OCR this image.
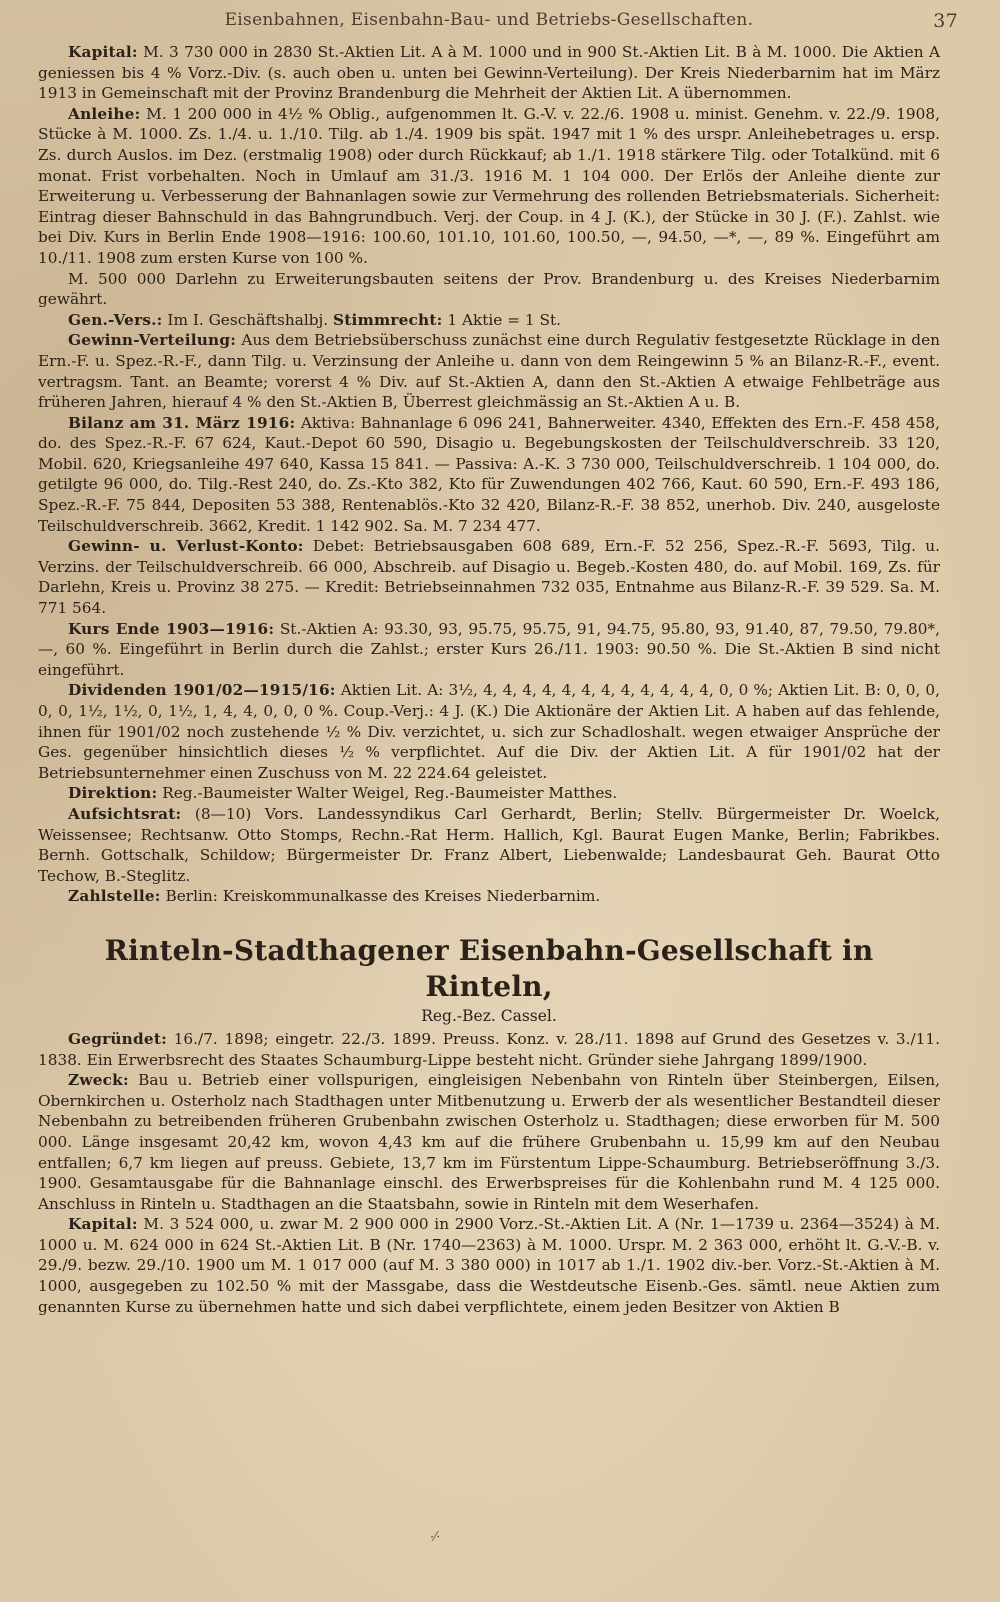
Eisenbahnen, Eisenbahn-Bau- und Betriebs-Gesellschaften.	37

Kapital: M. 3 730 000 in 2830 St.-Aktien Lit. A à M. 1000 und in 900 St.-Aktien Lit. B à M. 1000. Die Aktien A geniessen bis 4 % Vorz.-Div. (s. auch oben u. unten bei Gewinn-Verteilung). Der Kreis Niederbarnim hat im März 1913 in Gemeinschaft mit der Provinz Brandenburg die Mehrheit der Aktien Lit. A übernommen.

Anleihe: M. 1 200 000 in 4½ % Oblig., aufgenommen lt. G.-V. v. 22./6. 1908 u. minist. Genehm. v. 22./9. 1908, Stücke à M. 1000. Zs. 1./4. u. 1./10. Tilg. ab 1./4. 1909 bis spät. 1947 mit 1 % des urspr. Anleihebetrages u. ersp. Zs. durch Auslos. im Dez. (erstmalig 1908) oder durch Rückkauf; ab 1./1. 1918 stärkere Tilg. oder Totalkünd. mit 6 monat. Frist vorbehalten. Noch in Umlauf am 31./3. 1916 M. 1 104 000. Der Erlös der Anleihe diente zur Erweiterung u. Verbesserung der Bahnanlagen sowie zur Vermehrung des rollenden Betriebsmaterials. Sicherheit: Eintrag dieser Bahnschuld in das Bahngrundbuch. Verj. der Coup. in 4 J. (K.), der Stücke in 30 J. (F.). Zahlst. wie bei Div. Kurs in Berlin Ende 1908—1916: 100.60, 101.10, 101.60, 100.50, —, 94.50, —*, —, 89 %. Eingeführt am 10./11. 1908 zum ersten Kurse von 100 %.

M. 500 000 Darlehn zu Erweiterungsbauten seitens der Prov. Brandenburg u. des Kreises Niederbarnim gewährt.

Gen.-Vers.: Im I. Geschäftshalbj. Stimmrecht: 1 Aktie = 1 St.

Gewinn-Verteilung: Aus dem Betriebsüberschuss zunächst eine durch Regulativ festgesetzte Rücklage in den Ern.-F. u. Spez.-R.-F., dann Tilg. u. Verzinsung der Anleihe u. dann von dem Reingewinn 5 % an Bilanz-R.-F., event. vertragsm. Tant. an Beamte; vorerst 4 % Div. auf St.-Aktien A, dann den St.-Aktien A etwaige Fehlbeträge aus früheren Jahren, hierauf 4 % den St.-Aktien B, Überrest gleichmässig an St.-Aktien A u. B.

Bilanz am 31. März 1916: Aktiva: Bahnanlage 6 096 241, Bahnerweiter. 4340, Effekten des Ern.-F. 458 458, do. des Spez.-R.-F. 67 624, Kaut.-Depot 60 590, Disagio u. Begebungskosten der Teilschuldverschreib. 33 120, Mobil. 620, Kriegsanleihe 497 640, Kassa 15 841. — Passiva: A.-K. 3 730 000, Teilschuldverschreib. 1 104 000, do. getilgte 96 000, do. Tilg.-Rest 240, do. Zs.-Kto 382, Kto für Zuwendungen 402 766, Kaut. 60 590, Ern.-F. 493 186, Spez.-R.-F. 75 844, Depositen 53 388, Rentenablös.-Kto 32 420, Bilanz-R.-F. 38 852, unerhob. Div. 240, ausgeloste Teilschuldverschreib. 3662, Kredit. 1 142 902. Sa. M. 7 234 477.

Gewinn- u. Verlust-Konto: Debet: Betriebsausgaben 608 689, Ern.-F. 52 256, Spez.-R.-F. 5693, Tilg. u. Verzins. der Teilschuldverschreib. 66 000, Abschreib. auf Disagio u. Begeb.-Kosten 480, do. auf Mobil. 169, Zs. für Darlehn, Kreis u. Provinz 38 275. — Kredit: Betriebseinnahmen 732 035, Entnahme aus Bilanz-R.-F. 39 529. Sa. M. 771 564.

Kurs Ende 1903—1916: St.-Aktien A: 93.30, 93, 95.75, 95.75, 91, 94.75, 95.80, 93, 91.40, 87, 79.50, 79.80*, —, 60 %. Eingeführt in Berlin durch die Zahlst.; erster Kurs 26./11. 1903: 90.50 %. Die St.-Aktien B sind nicht eingeführt.

Dividenden 1901/02—1915/16: Aktien Lit. A: 3½, 4, 4, 4, 4, 4, 4, 4, 4, 4, 4, 4, 4, 0, 0 %; Aktien Lit. B: 0, 0, 0, 0, 0, 1½, 1½, 0, 1½, 1, 4, 4, 0, 0, 0 %. Coup.-Verj.: 4 J. (K.) Die Aktionäre der Aktien Lit. A haben auf das fehlende, ihnen für 1901/02 noch zustehende ½ % Div. verzichtet, u. sich zur Schadloshalt. wegen etwaiger Ansprüche der Ges. gegenüber hinsichtlich dieses ½ % verpflichtet. Auf die Div. der Aktien Lit. A für 1901/02 hat der Betriebsunternehmer einen Zuschuss von M. 22 224.64 geleistet.

Direktion: Reg.-Baumeister Walter Weigel, Reg.-Baumeister Matthes.

Aufsichtsrat: (8—10) Vors. Landessyndikus Carl Gerhardt, Berlin; Stellv. Bürgermeister Dr. Woelck, Weissensee; Rechtsanw. Otto Stomps, Rechn.-Rat Herm. Hallich, Kgl. Baurat Eugen Manke, Berlin; Fabrikbes. Bernh. Gottschalk, Schildow; Bürgermeister Dr. Franz Albert, Liebenwalde; Landesbaurat Geh. Baurat Otto Techow, B.-Steglitz.

Zahlstelle: Berlin: Kreiskommunalkasse des Kreises Niederbarnim.

Rinteln-Stadthagener Eisenbahn-Gesellschaft in Rinteln,
Reg.-Bez. Cassel.

Gegründet: 16./7. 1898; eingetr. 22./3. 1899. Preuss. Konz. v. 28./11. 1898 auf Grund des Gesetzes v. 3./11. 1838. Ein Erwerbsrecht des Staates Schaumburg-Lippe besteht nicht. Gründer siehe Jahrgang 1899/1900.

Zweck: Bau u. Betrieb einer vollspurigen, eingleisigen Nebenbahn von Rinteln über Steinbergen, Eilsen, Obernkirchen u. Osterholz nach Stadthagen unter Mitbenutzung u. Erwerb der als wesentlicher Bestandteil dieser Nebenbahn zu betreibenden früheren Grubenbahn zwischen Osterholz u. Stadthagen; diese erworben für M. 500 000. Länge insgesamt 20,42 km, wovon 4,43 km auf die frühere Grubenbahn u. 15,99 km auf den Neubau entfallen; 6,7 km liegen auf preuss. Gebiete, 13,7 km im Fürstentum Lippe-Schaumburg. Betriebseröffnung 3./3. 1900. Gesamtausgabe für die Bahnanlage einschl. des Erwerbspreises für die Kohlenbahn rund M. 4 125 000. Anschluss in Rinteln u. Stadthagen an die Staatsbahn, sowie in Rinteln mit dem Weserhafen.

Kapital: M. 3 524 000, u. zwar M. 2 900 000 in 2900 Vorz.-St.-Aktien Lit. A (Nr. 1—1739 u. 2364—3524) à M. 1000 u. M. 624 000 in 624 St.-Aktien Lit. B (Nr. 1740—2363) à M. 1000. Urspr. M. 2 363 000, erhöht lt. G.-V.-B. v. 29./9. bezw. 29./10. 1900 um M. 1 017 000 (auf M. 3 380 000) in 1017 ab 1./1. 1902 div.-ber. Vorz.-St.-Aktien à M. 1000, ausgegeben zu 102.50 % mit der Massgabe, dass die Westdeutsche Eisenb.-Ges. sämtl. neue Aktien zum genannten Kurse zu übernehmen hatte und sich dabei verpflichtete, einem jeden Besitzer von Aktien B

·⁄·
